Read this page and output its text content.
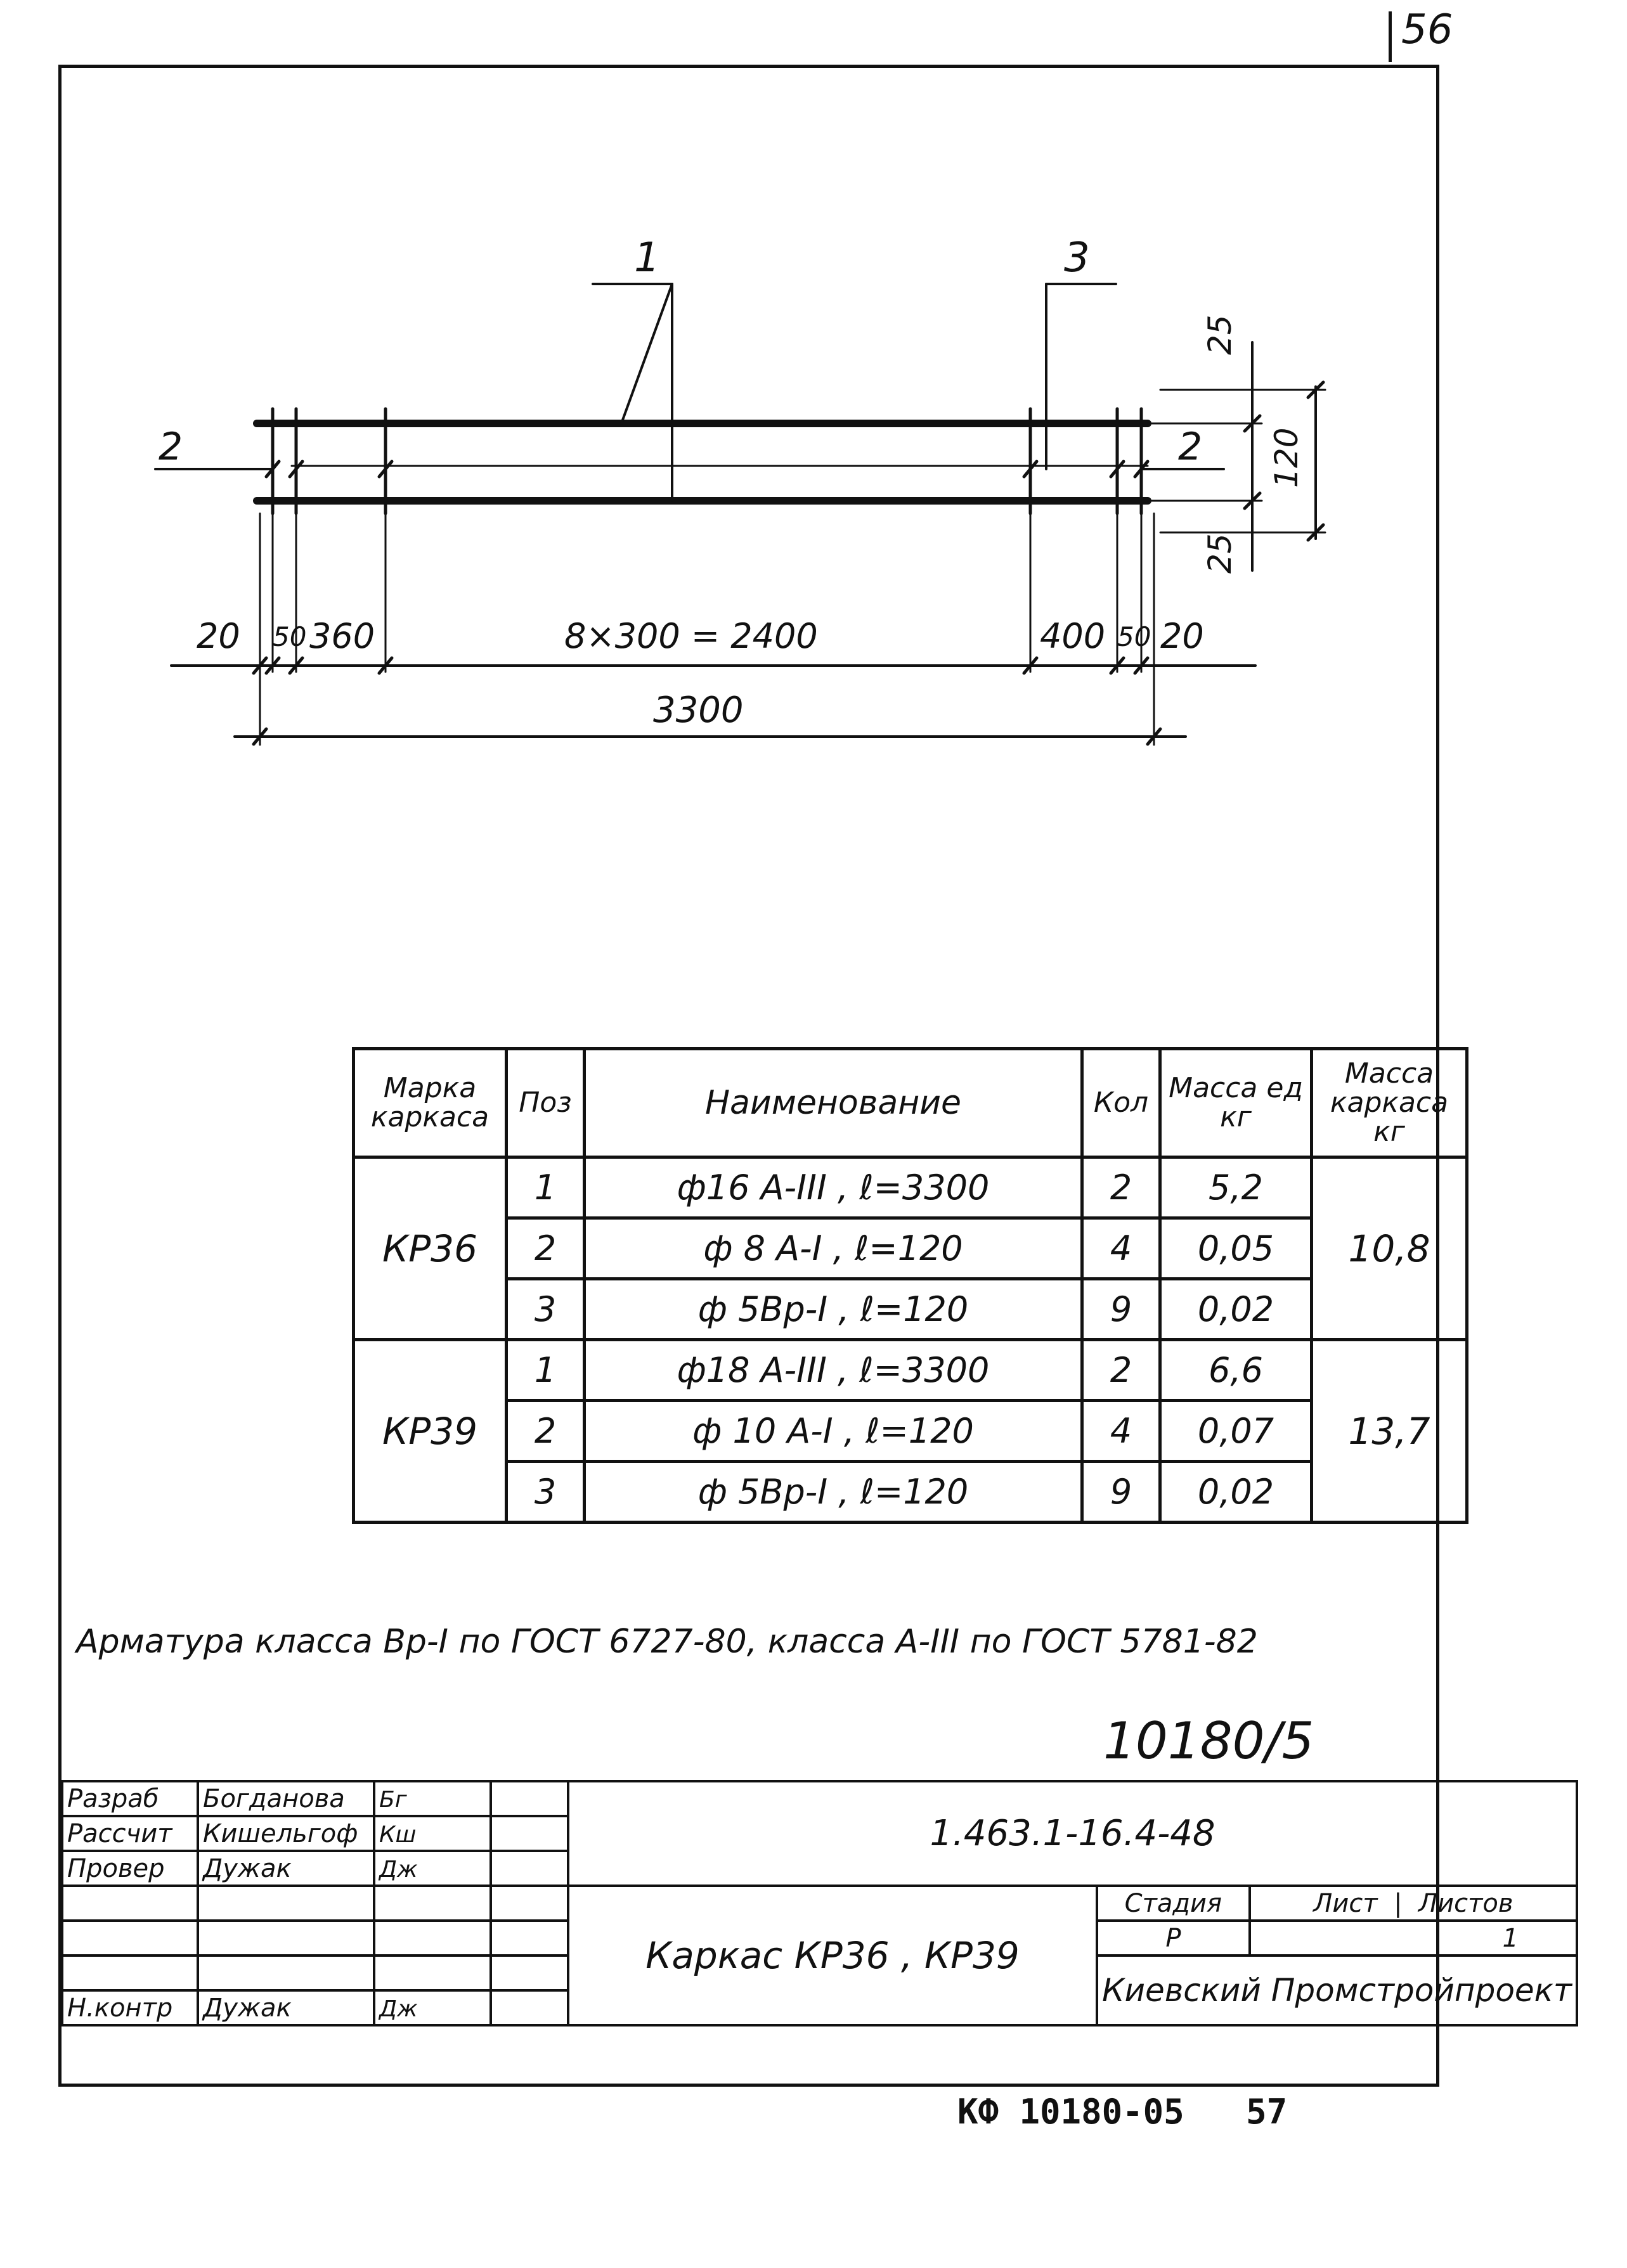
56
1	3
2	2
20 50 360	8×300 = 2400	400 50 20
3300
25
120
25
Марка каркаса	Поз	Наименование	Кол	Масса ед кг	Масса каркаса кг
КР36	1	ф16 А-III , ℓ=3300	2	5,2	10,8
	2	ф 8 А-I , ℓ=120	4	0,05	
	3	ф 5Вр-I , ℓ=120	9	0,02	
КР39	1	ф18 А-III , ℓ=3300	2	6,6	13,7
	2	ф 10 А-I , ℓ=120	4	0,07	
	3	ф 5Вр-I , ℓ=120	9	0,02	
Арматура класса Вр-I по ГОСТ 6727-80, класса А-III по ГОСТ 5781-82
10180/5
Разраб	Богданова	Бг		1.463.1-16.4-48		
Рассчит	Кишельгоф	Кш				
Провер	Дужак	Дж				
				Каркас КР36 , КР39	Стадия	Лист  |  Листов
					Р	1
					Киевский Промстройпроект	
Н.контр	Дужак	Дж				
КФ 10180-05   57
